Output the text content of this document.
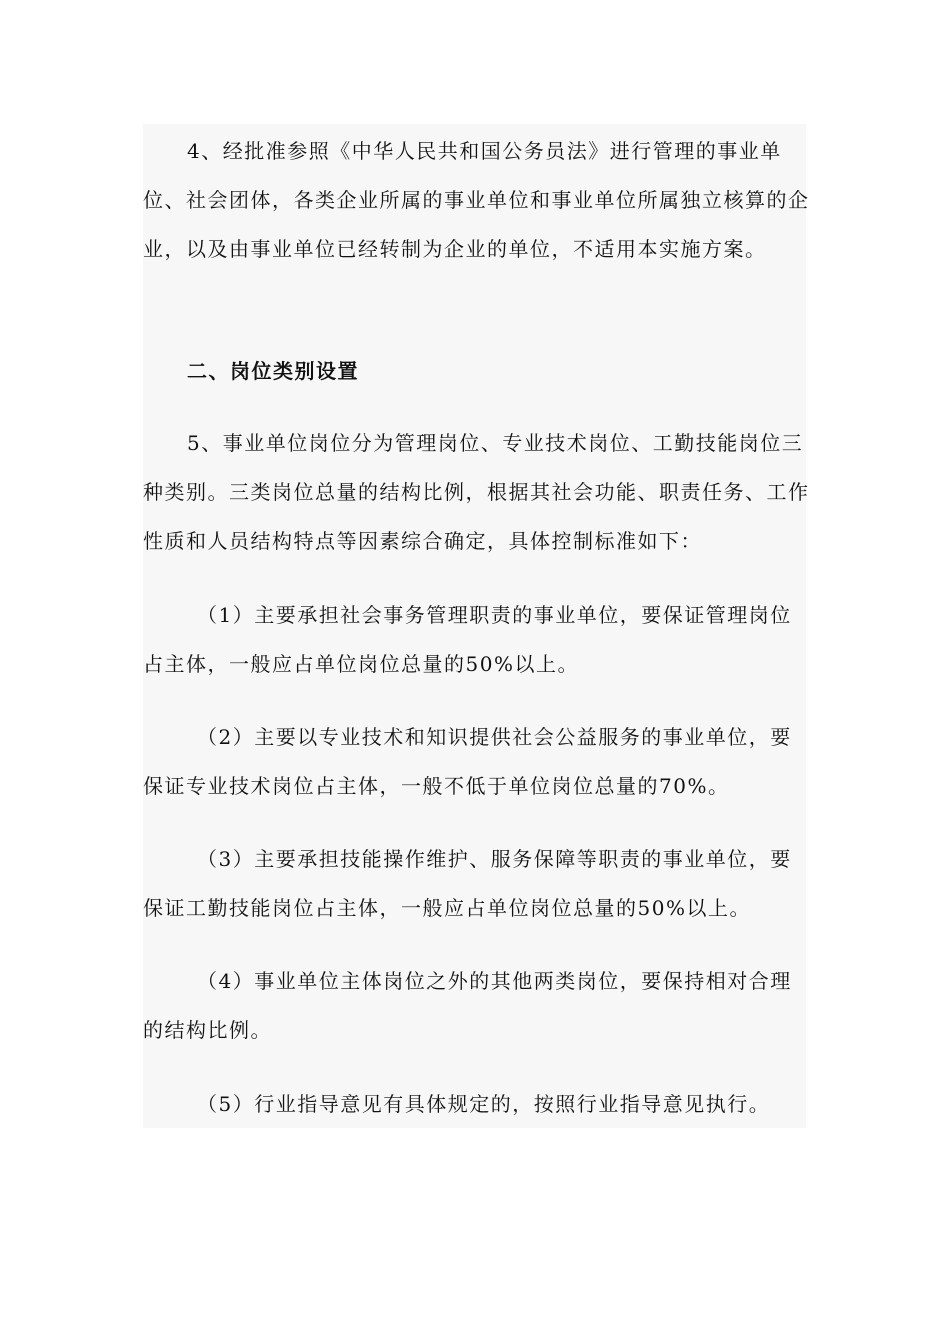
4、经批准参照《中华人民共和国公务员法》进行管理的事业单位、社会团体，各类企业所属的事业单位和事业单位所属独立核算的企业，以及由事业单位已经转制为企业的单位，不适用本实施方案。

二、岗位类别设置

5、事业单位岗位分为管理岗位、专业技术岗位、工勤技能岗位三种类别。三类岗位总量的结构比例，根据其社会功能、职责任务、工作性质和人员结构特点等因素综合确定，具体控制标准如下：

（1）主要承担社会事务管理职责的事业单位，要保证管理岗位占主体，一般应占单位岗位总量的50%以上。

（2）主要以专业技术和知识提供社会公益服务的事业单位，要保证专业技术岗位占主体，一般不低于单位岗位总量的70%。

（3）主要承担技能操作维护、服务保障等职责的事业单位，要保证工勤技能岗位占主体，一般应占单位岗位总量的50%以上。

（4）事业单位主体岗位之外的其他两类岗位，要保持相对合理的结构比例。

（5）行业指导意见有具体规定的，按照行业指导意见执行。
